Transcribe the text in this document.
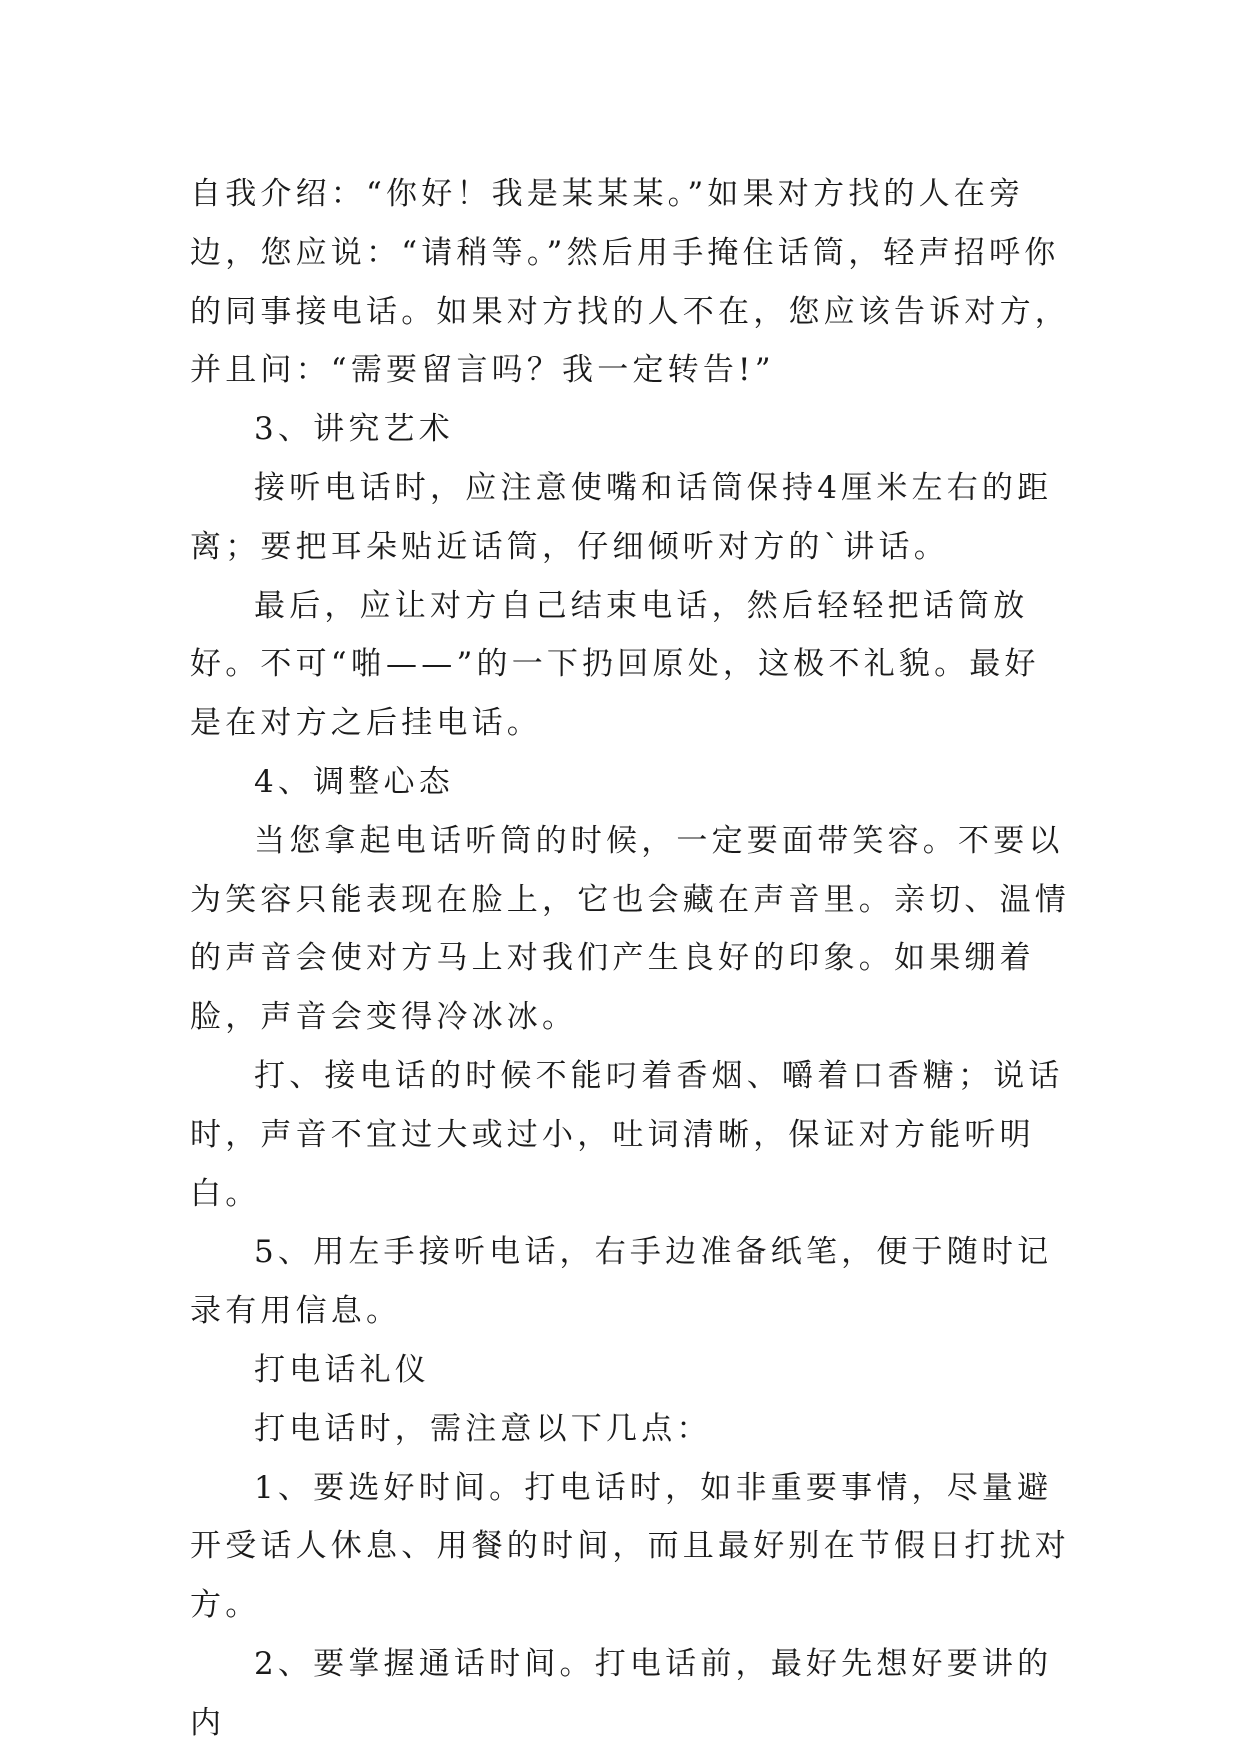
自我介绍：“你好！我是某某某。”如果对方找的人在旁边，您应说：“请稍等。”然后用手掩住话筒，轻声招呼你的同事接电话。如果对方找的人不在，您应该告诉对方，并且问：“需要留言吗？我一定转告!”

3、讲究艺术

接听电话时，应注意使嘴和话筒保持4厘米左右的距离；要把耳朵贴近话筒，仔细倾听对方的`讲话。

最后，应让对方自己结束电话，然后轻轻把话筒放好。不可“啪——”的一下扔回原处，这极不礼貌。最好是在对方之后挂电话。

4、调整心态

当您拿起电话听筒的时候，一定要面带笑容。不要以为笑容只能表现在脸上，它也会藏在声音里。亲切、温情的声音会使对方马上对我们产生良好的印象。如果绷着脸，声音会变得冷冰冰。

打、接电话的时候不能叼着香烟、嚼着口香糖；说话时，声音不宜过大或过小，吐词清晰，保证对方能听明白。

5、用左手接听电话，右手边准备纸笔，便于随时记录有用信息。

打电话礼仪

打电话时，需注意以下几点：

1、要选好时间。打电话时，如非重要事情，尽量避开受话人休息、用餐的时间，而且最好别在节假日打扰对方。

2、要掌握通话时间。打电话前，最好先想好要讲的内
